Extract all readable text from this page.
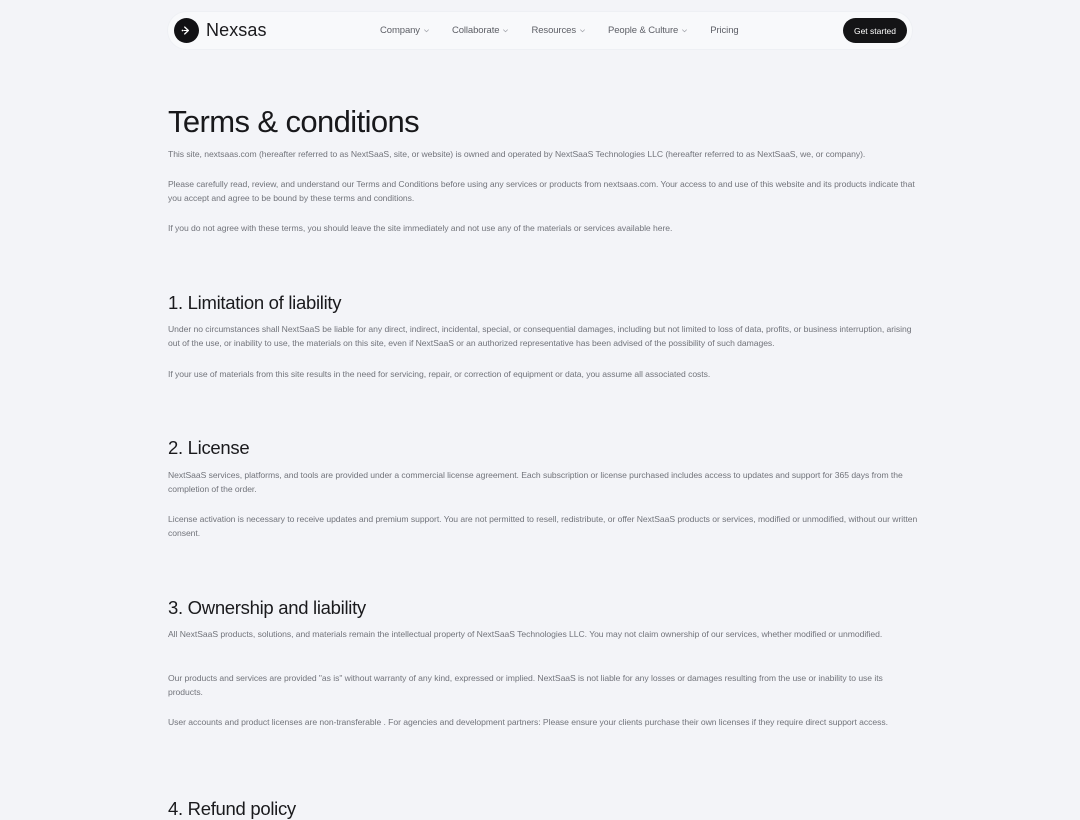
Nexsas	Company	Collaborate	Resources	People & Culture	Pricing	Get started
Terms & conditions

This site, nextsaas.com (hereafter referred to as NextSaaS, site, or website) is owned and operated by NextSaaS Technologies LLC (hereafter referred to as NextSaaS, we, or company).

Please carefully read, review, and understand our Terms and Conditions before using any services or products from nextsaas.com. Your access to and use of this website and its products indicate that you accept and agree to be bound by these terms and conditions.

If you do not agree with these terms, you should leave the site immediately and not use any of the materials or services available here.

1. Limitation of liability

Under no circumstances shall NextSaaS be liable for any direct, indirect, incidental, special, or consequential damages, including but not limited to loss of data, profits, or business interruption, arising out of the use, or inability to use, the materials on this site, even if NextSaaS or an authorized representative has been advised of the possibility of such damages.

If your use of materials from this site results in the need for servicing, repair, or correction of equipment or data, you assume all associated costs.

2. License

NextSaaS services, platforms, and tools are provided under a commercial license agreement. Each subscription or license purchased includes access to updates and support for 365 days from the completion of the order.

License activation is necessary to receive updates and premium support. You are not permitted to resell, redistribute, or offer NextSaaS products or services, modified or unmodified, without our written consent.

3. Ownership and liability

All NextSaaS products, solutions, and materials remain the intellectual property of NextSaaS Technologies LLC. You may not claim ownership of our services, whether modified or unmodified.

Our products and services are provided "as is" without warranty of any kind, expressed or implied. NextSaaS is not liable for any losses or damages resulting from the use or inability to use its products.

User accounts and product licenses are non-transferable . For agencies and development partners: Please ensure your clients purchase their own licenses if they require direct support access.

4. Refund policy
